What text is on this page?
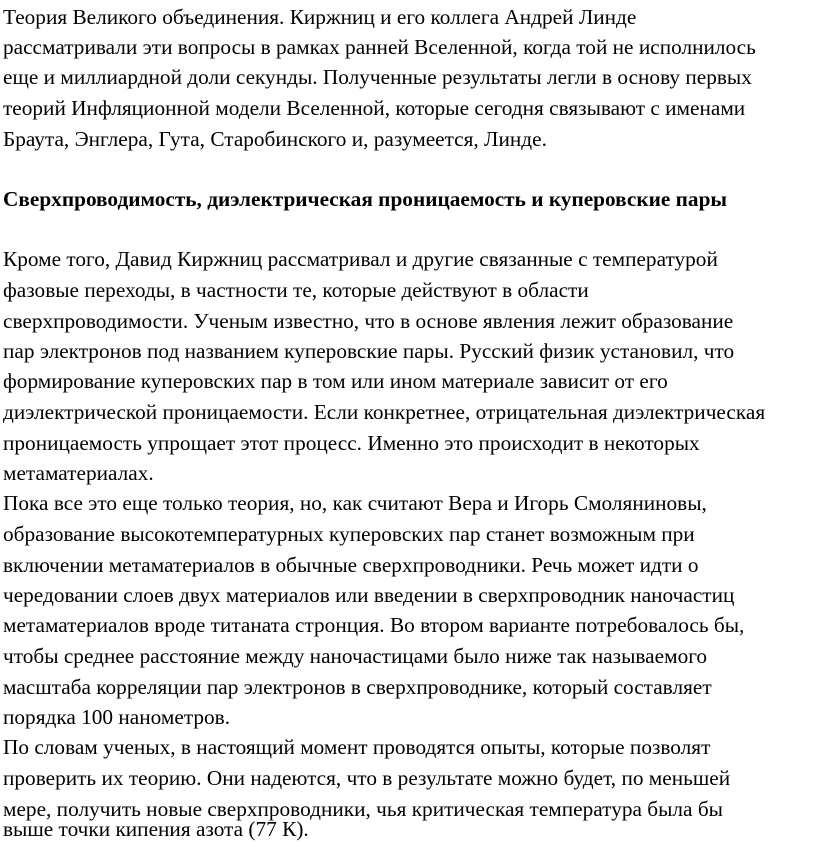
Теория Великого объединения. Киржниц и его коллега Андрей Линде
рассматривали эти вопросы в рамках ранней Вселенной, когда той не исполнилось
еще и миллиардной доли секунды. Полученные результаты легли в основу первых
теорий Инфляционной модели Вселенной, которые сегодня связывают с именами
Браута, Энглера, Гута, Старобинского и, разумеется, Линде.
Сверхпроводимость, диэлектрическая проницаемость и куперовские пары
Кроме того, Давид Киржниц рассматривал и другие связанные с температурой
фазовые переходы, в частности те, которые действуют в области
сверхпроводимости. Ученым известно, что в основе явления лежит образование
пар электронов под названием куперовские пары. Русский физик установил, что
формирование куперовских пар в том или ином материале зависит от его
диэлектрической проницаемости. Если конкретнее, отрицательная диэлектрическая
проницаемость упрощает этот процесс. Именно это происходит в некоторых
метаматериалах.
Пока все это еще только теория, но, как считают Вера и Игорь Смоляниновы,
образование высокотемпературных куперовских пар станет возможным при
включении метаматериалов в обычные сверхпроводники. Речь может идти о
чередовании слоев двух материалов или введении в сверхпроводник наночастиц
метаматериалов вроде титаната стронция. Во втором варианте потребовалось бы,
чтобы среднее расстояние между наночастицами было ниже так называемого
масштаба корреляции пар электронов в сверхпроводнике, который составляет
порядка 100 нанометров.
По словам ученых, в настоящий момент проводятся опыты, которые позволят
проверить их теорию. Они надеются, что в результате можно будет, по меньшей
мере, получить новые сверхпроводники, чья критическая температура была бы
выше точки кипения азота (77 К).
